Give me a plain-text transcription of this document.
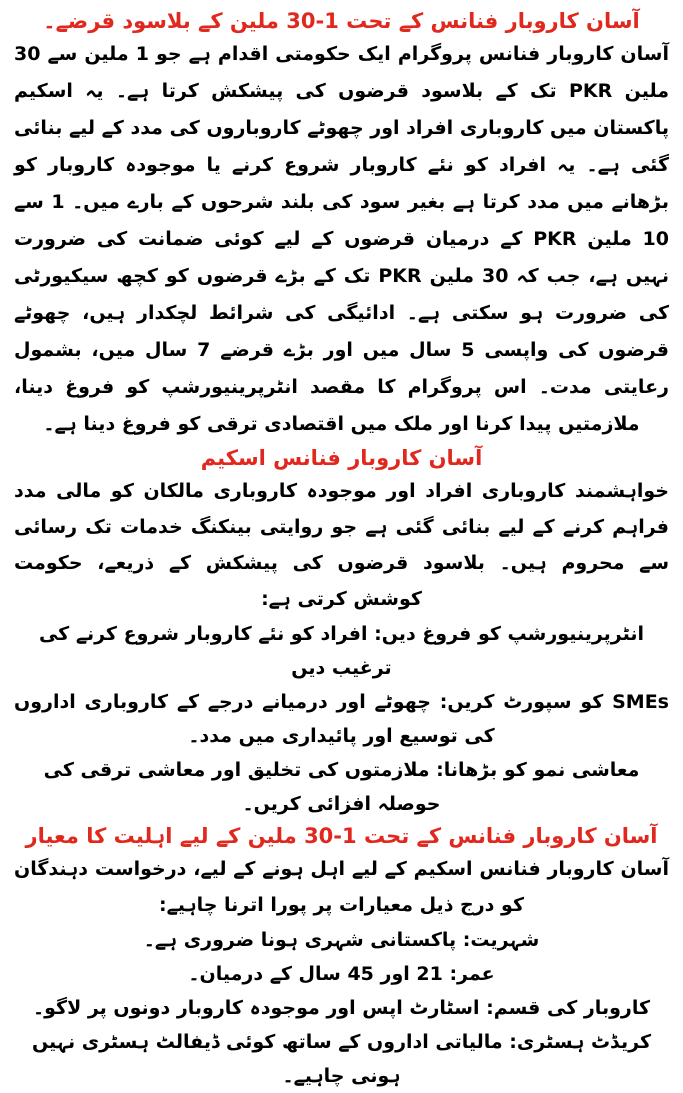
آسان کاروبار فنانس کے تحت 1-30 ملین کے بلاسود قرضے۔

آسان کاروبار فنانس پروگرام ایک حکومتی اقدام ہے جو 1 ملین سے 30 ملین PKR تک کے بلاسود قرضوں کی پیشکش کرتا ہے۔ یہ اسکیم پاکستان میں کاروباری افراد اور چھوٹے کاروباروں کی مدد کے لیے بنائی گئی ہے۔ یہ افراد کو نئے کاروبار شروع کرنے یا موجودہ کاروبار کو بڑھانے میں مدد کرتا ہے بغیر سود کی بلند شرحوں کے بارے میں۔ 1 سے 10 ملین PKR کے درمیان قرضوں کے لیے کوئی ضمانت کی ضرورت نہیں ہے، جب کہ 30 ملین PKR تک کے بڑے قرضوں کو کچھ سیکیورٹی کی ضرورت ہو سکتی ہے۔ ادائیگی کی شرائط لچکدار ہیں، چھوٹے قرضوں کی واپسی 5 سال میں اور بڑے قرضے 7 سال میں، بشمول رعایتی مدت۔ اس پروگرام کا مقصد انٹرپرینیورشپ کو فروغ دینا، ملازمتیں پیدا کرنا اور ملک میں اقتصادی ترقی کو فروغ دینا ہے۔

آسان کاروبار فنانس اسکیم

خواہشمند کاروباری افراد اور موجودہ کاروباری مالکان کو مالی مدد فراہم کرنے کے لیے بنائی گئی ہے جو روایتی بینکنگ خدمات تک رسائی سے محروم ہیں۔ بلاسود قرضوں کی پیشکش کے ذریعے، حکومت کوشش کرتی ہے:

انٹرپرینیورشپ کو فروغ دیں: افراد کو نئے کاروبار شروع کرنے کی ترغیب دیں
SMEs کو سپورٹ کریں: چھوٹے اور درمیانے درجے کے کاروباری اداروں کی توسیع اور پائیداری میں مدد۔
معاشی نمو کو بڑھانا: ملازمتوں کی تخلیق اور معاشی ترقی کی حوصلہ افزائی کریں۔
آسان کاروبار فنانس کے تحت 1-30 ملین کے لیے اہلیت کا معیار

آسان کاروبار فنانس اسکیم کے لیے اہل ہونے کے لیے، درخواست دہندگان کو درج ذیل معیارات پر پورا اترنا چاہیے:

شہریت: پاکستانی شہری ہونا ضروری ہے۔
عمر: 21 اور 45 سال کے درمیان۔
کاروبار کی قسم: اسٹارٹ اپس اور موجودہ کاروبار دونوں پر لاگو۔
کریڈٹ ہسٹری: مالیاتی اداروں کے ساتھ کوئی ڈیفالٹ ہسٹری نہیں ہونی چاہیے۔
